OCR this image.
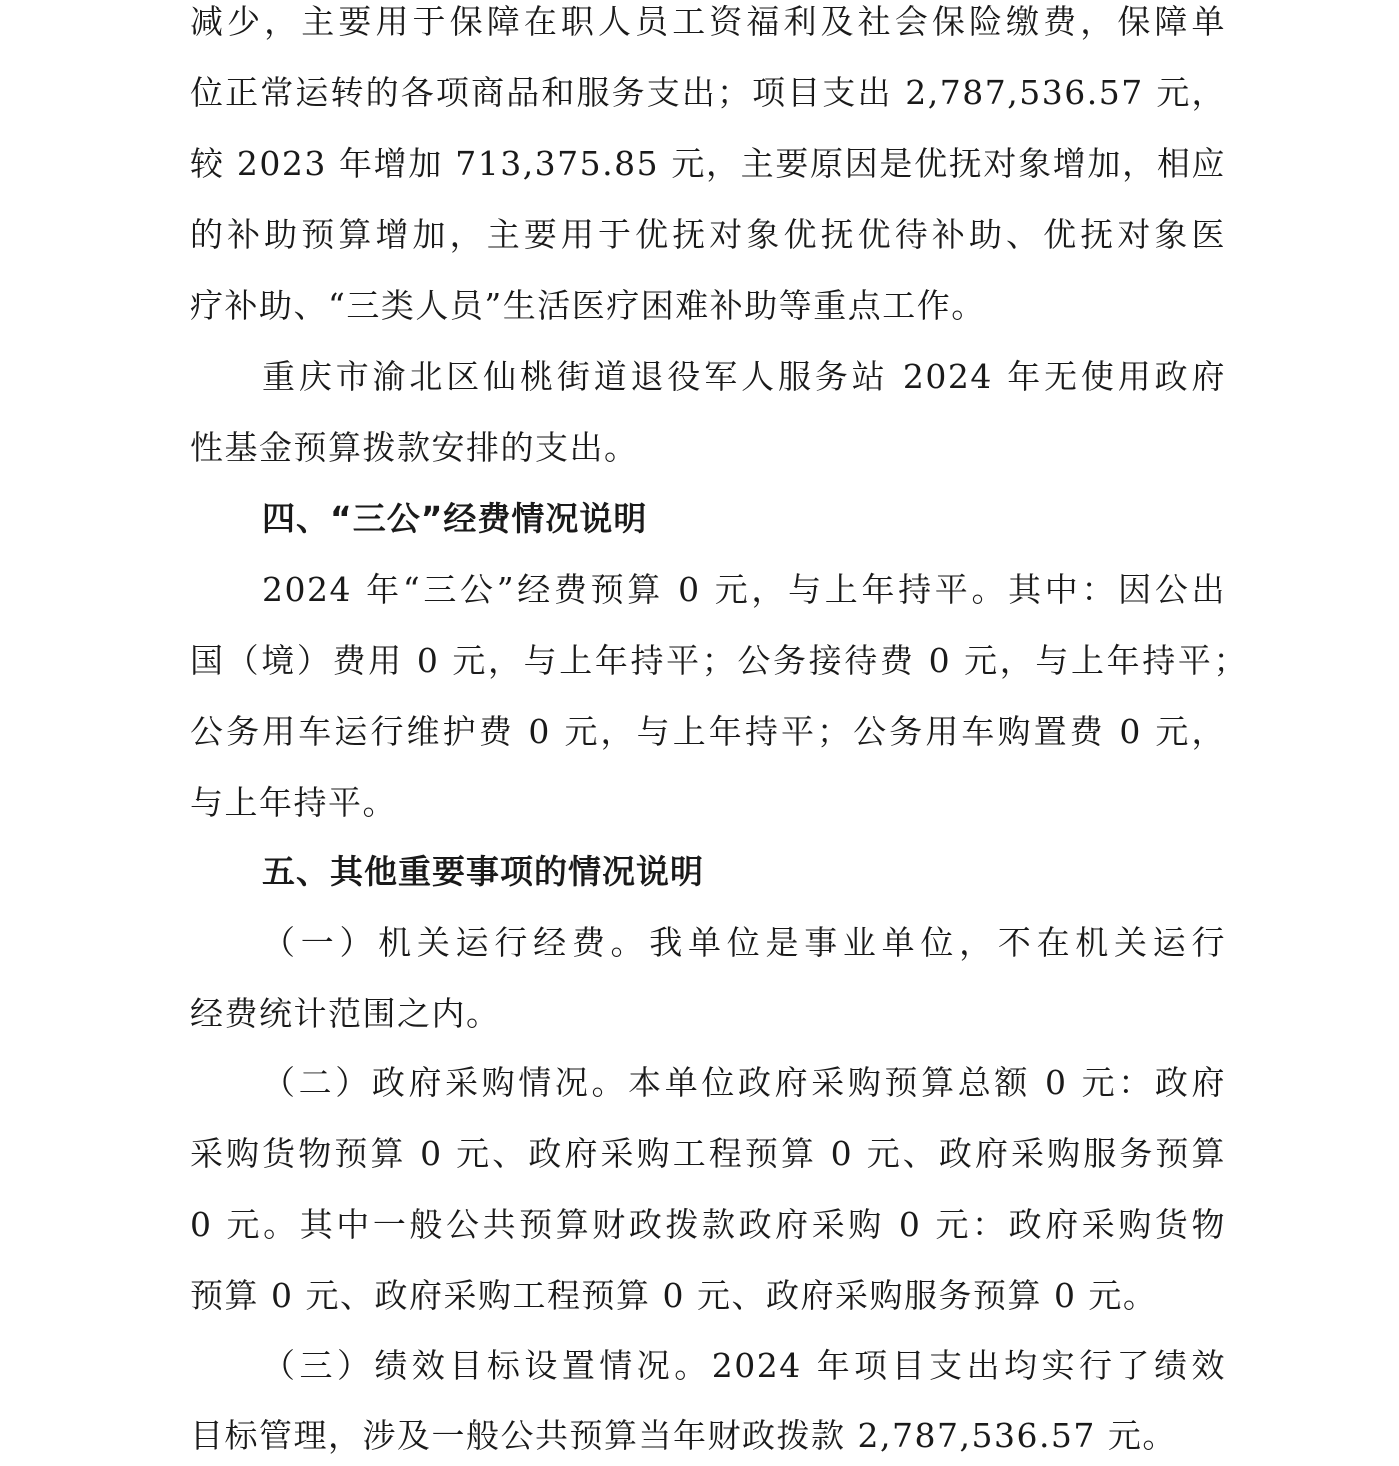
减少，主要用于保障在职人员工资福利及社会保险缴费，保障单
位正常运转的各项商品和服务支出；项目支出 2,787,536.57 元，
较 2023 年增加 713,375.85 元，主要原因是优抚对象增加，相应
的补助预算增加，主要用于优抚对象优抚优待补助、优抚对象医
疗补助、“三类人员”生活医疗困难补助等重点工作。
重庆市渝北区仙桃街道退役军人服务站 2024 年无使用政府
性基金预算拨款安排的支出。
四、“三公”经费情况说明
2024 年“三公”经费预算 0 元，与上年持平。其中：因公出
国（境）费用 0 元，与上年持平；公务接待费 0 元，与上年持平；
公务用车运行维护费 0 元，与上年持平；公务用车购置费 0 元，
与上年持平。
五、其他重要事项的情况说明
（一）机关运行经费。我单位是事业单位，不在机关运行
经费统计范围之内。
（二）政府采购情况。本单位政府采购预算总额 0 元：政府
采购货物预算 0 元、政府采购工程预算 0 元、政府采购服务预算
0 元。其中一般公共预算财政拨款政府采购 0 元：政府采购货物
预算 0 元、政府采购工程预算 0 元、政府采购服务预算 0 元。
（三）绩效目标设置情况。2024 年项目支出均实行了绩效
目标管理，涉及一般公共预算当年财政拨款 2,787,536.57 元。
